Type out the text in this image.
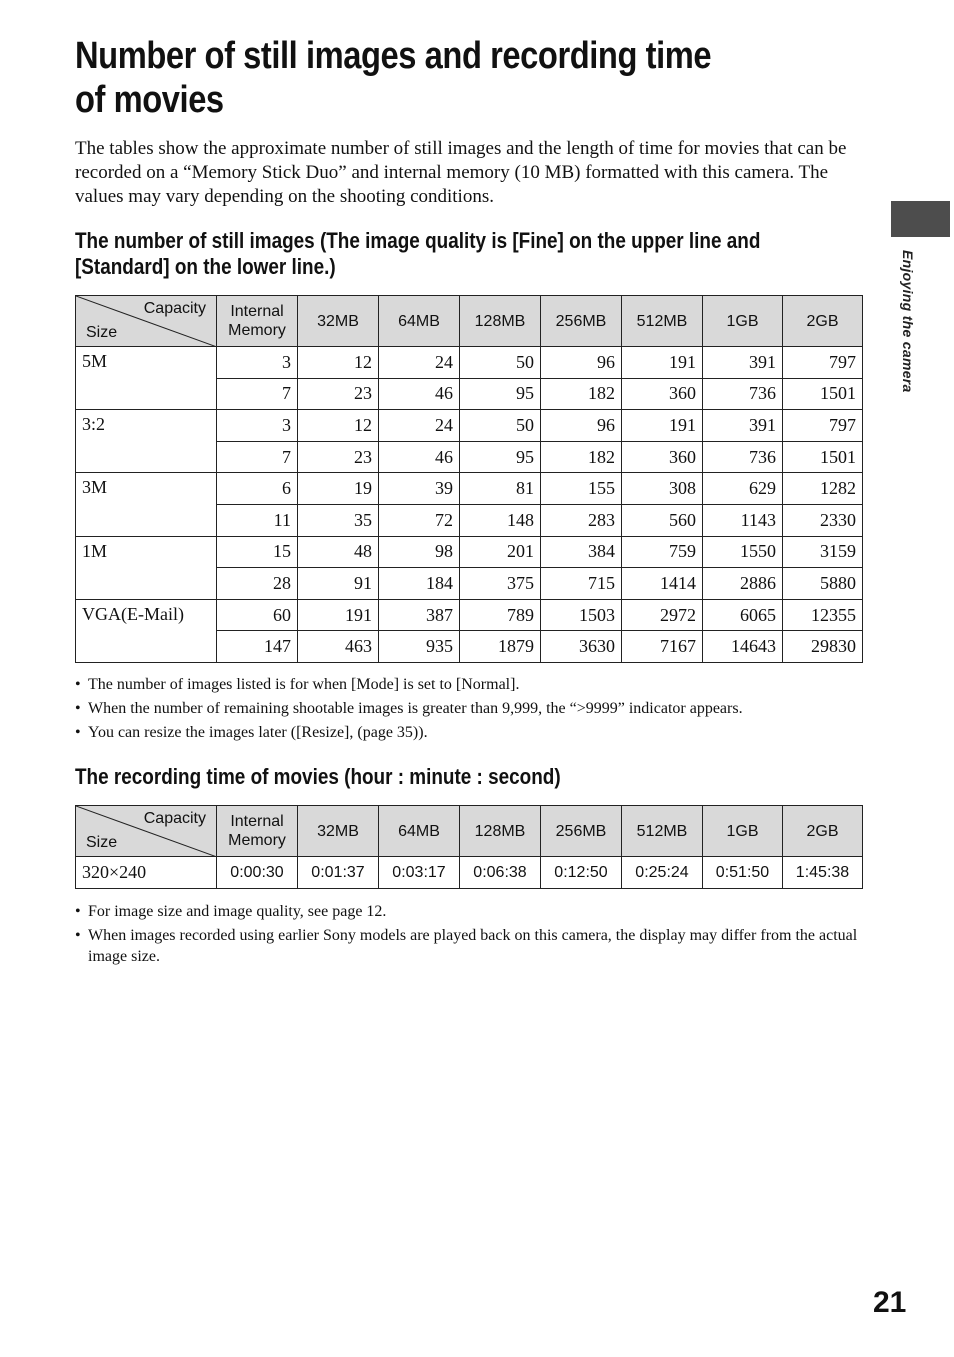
Number of still images and recording time of movies
The tables show the approximate number of still images and the length of time for movies that can be recorded on a “Memory Stick Duo” and internal memory (10 MB) formatted with this camera. The values may vary depending on the shooting conditions.
The number of still images (The image quality is [Fine] on the upper line and [Standard] on the lower line.)
Capacity
Size	Internal Memory	32MB	64MB	128MB	256MB	512MB	1GB	2GB
5M	3	12	24	50	96	191	391	797
	7	23	46	95	182	360	736	1501
3:2	3	12	24	50	96	191	391	797
	7	23	46	95	182	360	736	1501
3M	6	19	39	81	155	308	629	1282
	11	35	72	148	283	560	1143	2330
1M	15	48	98	201	384	759	1550	3159
	28	91	184	375	715	1414	2886	5880
VGA(E-Mail)	60	191	387	789	1503	2972	6065	12355
	147	463	935	1879	3630	7167	14643	29830
• The number of images listed is for when [Mode] is set to [Normal].
• When the number of remaining shootable images is greater than 9,999, the “>9999” indicator appears.
• You can resize the images later ([Resize], (page 35)).
The recording time of movies (hour : minute : second)
Capacity
Size	Internal Memory	32MB	64MB	128MB	256MB	512MB	1GB	2GB
320×240	0:00:30	0:01:37	0:03:17	0:06:38	0:12:50	0:25:24	0:51:50	1:45:38
• For image size and image quality, see page 12.
• When images recorded using earlier Sony models are played back on this camera, the display may differ from the actual image size.
Enjoying the camera
21
